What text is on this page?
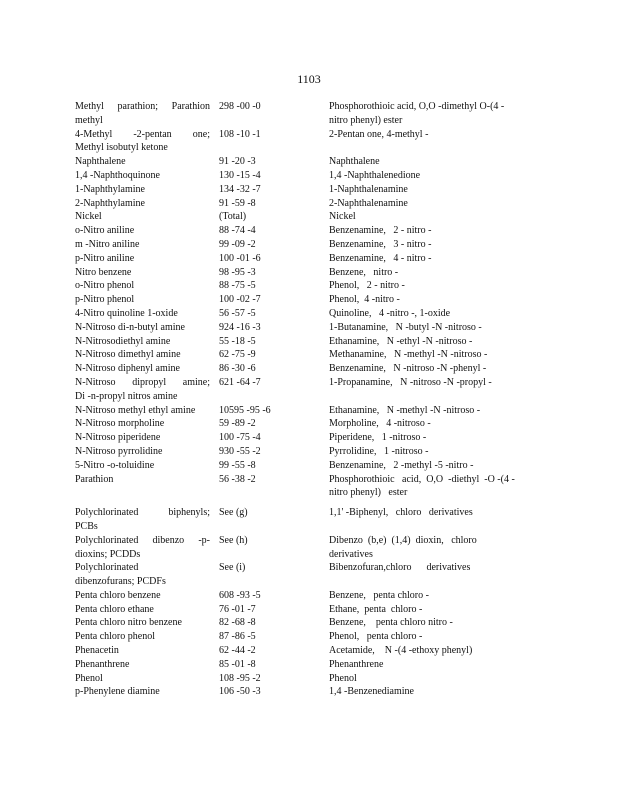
1103
Methyl parathion; Parathion
methyl
298 -00 -0	Phosphorothioic acid, O,O -dimethyl O-(4 -
nitro phenyl) ester
4-Methyl -2-pentan one;
Methyl isobutyl ketone
108 -10 -1	2-Pentan one, 4-methyl -
Naphthalene	91 -20 -3	Naphthalene
1,4 -Naphthoquinone	130 -15 -4	1,4 -Naphthalenedione
1-Naphthylamine	134 -32 -7	1-Naphthalenamine
2-Naphthylamine	91 -59 -8	2-Naphthalenamine
Nickel	(Total)	Nickel
o-Nitro aniline	88 -74 -4	Benzenamine,   2 - nitro -
m -Nitro aniline	99 -09 -2	Benzenamine,   3 - nitro -
p-Nitro aniline	100 -01 -6	Benzenamine,   4 - nitro -
Nitro benzene	98 -95 -3	Benzene,   nitro -
o-Nitro phenol	88 -75 -5	Phenol,   2 - nitro -
p-Nitro phenol	100 -02 -7	Phenol,  4 -nitro -
4-Nitro quinoline 1-oxide	56 -57 -5	Quinoline,   4 -nitro -, 1-oxide
N-Nitroso di-n-butyl amine	924 -16 -3	1-Butanamine,   N -butyl -N -nitroso -
N-Nitrosodiethyl amine	55 -18 -5	Ethanamine,   N -ethyl -N -nitroso -
N-Nitroso dimethyl amine	62 -75 -9	Methanamine,   N -methyl -N -nitroso -
N-Nitroso diphenyl amine	86 -30 -6	Benzenamine,   N -nitroso -N -phenyl -
N-Nitroso dipropyl amine;
Di -n-propyl nitros amine
621 -64 -7	1-Propanamine,   N -nitroso -N -propyl -
N-Nitroso methyl ethyl amine	10595 -95 -6	Ethanamine,   N -methyl -N -nitroso -
N-Nitroso morpholine	59 -89 -2	Morpholine,   4 -nitroso -
N-Nitroso piperidene	100 -75 -4	Piperidene,   1 -nitroso -
N-Nitroso pyrrolidine	930 -55 -2	Pyrrolidine,   1 -nitroso -
5-Nitro -o-toluidine	99 -55 -8	Benzenamine,   2 -methyl -5 -nitro -
Parathion	56 -38 -2	Phosphorothioic   acid,  O,O  -diethyl  -O -(4 -
nitro phenyl)   ester
Polychlorinated biphenyls;
PCBs
See (g)	1,1' -Biphenyl,   chloro   derivatives
Polychlorinated dibenzo -p-
dioxins; PCDDs
See (h)	Dibenzo  (b,e)  (1,4)  dioxin,   chloro
derivatives
Polychlorinated
dibenzofurans; PCDFs
See (i)	Bibenzofuran,chloro      derivatives
Penta chloro benzene	608 -93 -5	Benzene,   penta chloro -
Penta chloro ethane	76 -01 -7	Ethane,  penta  chloro -
Penta chloro nitro benzene	82 -68 -8	Benzene,    penta chloro nitro -
Penta chloro phenol	87 -86 -5	Phenol,   penta chloro -
Phenacetin	62 -44 -2	Acetamide,    N -(4 -ethoxy phenyl)
Phenanthrene	85 -01 -8	Phenanthrene
Phenol	108 -95 -2	Phenol
p-Phenylene diamine	106 -50 -3	1,4 -Benzenediamine
